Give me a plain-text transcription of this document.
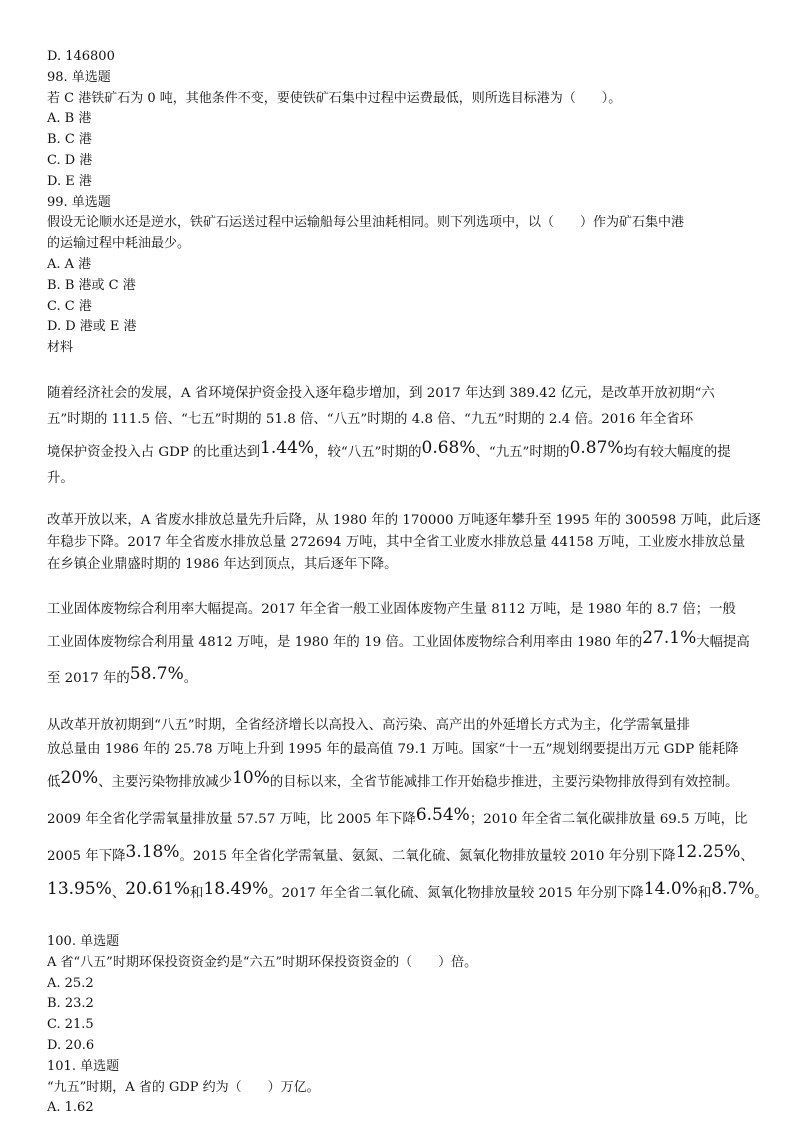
D. 146800

98. 单选题

若 C 港铁矿石为 0 吨，其他条件不变，要使铁矿石集中过程中运费最低，则所选目标港为（　　）。

A. B 港

B. C 港

C. D 港

D. E 港

99. 单选题

假设无论顺水还是逆水，铁矿石运送过程中运输船每公里油耗相同。则下列选项中，以（　　）作为矿石集中港

的运输过程中耗油最少。

A. A 港

B. B 港或 C 港

C. C 港

D. D 港或 E 港

材料

随着经济社会的发展，A 省环境保护资金投入逐年稳步增加，到 2017 年达到 389.42 亿元，是改革开放初期“六
五”时期的 111.5 倍、“七五”时期的 51.8 倍、“八五”时期的 4.8 倍、“九五”时期的 2.4 倍。2016 年全省环
境保护资金投入占 GDP 的比重达到1.44%，较“八五”时期的0.68%、“九五”时期的0.87%均有较大幅度的提
升。
改革开放以来，A 省废水排放总量先升后降，从 1980 年的 170000 万吨逐年攀升至 1995 年的 300598 万吨，此后逐
年稳步下降。2017 年全省废水排放总量 272694 万吨，其中全省工业废水排放总量 44158 万吨，工业废水排放总量
在乡镇企业鼎盛时期的 1986 年达到顶点，其后逐年下降。
工业固体废物综合利用率大幅提高。2017 年全省一般工业固体废物产生量 8112 万吨，是 1980 年的 8.7 倍；一般
工业固体废物综合利用量 4812 万吨，是 1980 年的 19 倍。工业固体废物综合利用率由 1980 年的27.1%大幅提高
至 2017 年的58.7%。
从改革开放初期到“八五”时期，全省经济增长以高投入、高污染、高产出的外延增长方式为主，化学需氧量排
放总量由 1986 年的 25.78 万吨上升到 1995 年的最高值 79.1 万吨。国家“十一五”规划纲要提出万元 GDP 能耗降
低20%、主要污染物排放减少10%的目标以来，全省节能减排工作开始稳步推进，主要污染物排放得到有效控制。
2009 年全省化学需氧量排放量 57.57 万吨，比 2005 年下降6.54%；2010 年全省二氧化碳排放量 69.5 万吨，比
2005 年下降3.18%。2015 年全省化学需氧量、氨氮、二氧化硫、氮氧化物排放量较 2010 年分别下降12.25%、
13.95%、20.61%和18.49%。2017 年全省二氧化硫、氮氧化物排放量较 2015 年分别下降14.0%和8.7%。

100. 单选题

A 省“八五”时期环保投资资金约是“六五”时期环保投资资金的（　　）倍。

A. 25.2

B. 23.2

C. 21.5

D. 20.6

101. 单选题

“九五”时期，A 省的 GDP 约为（　　）万亿。

A. 1.62
